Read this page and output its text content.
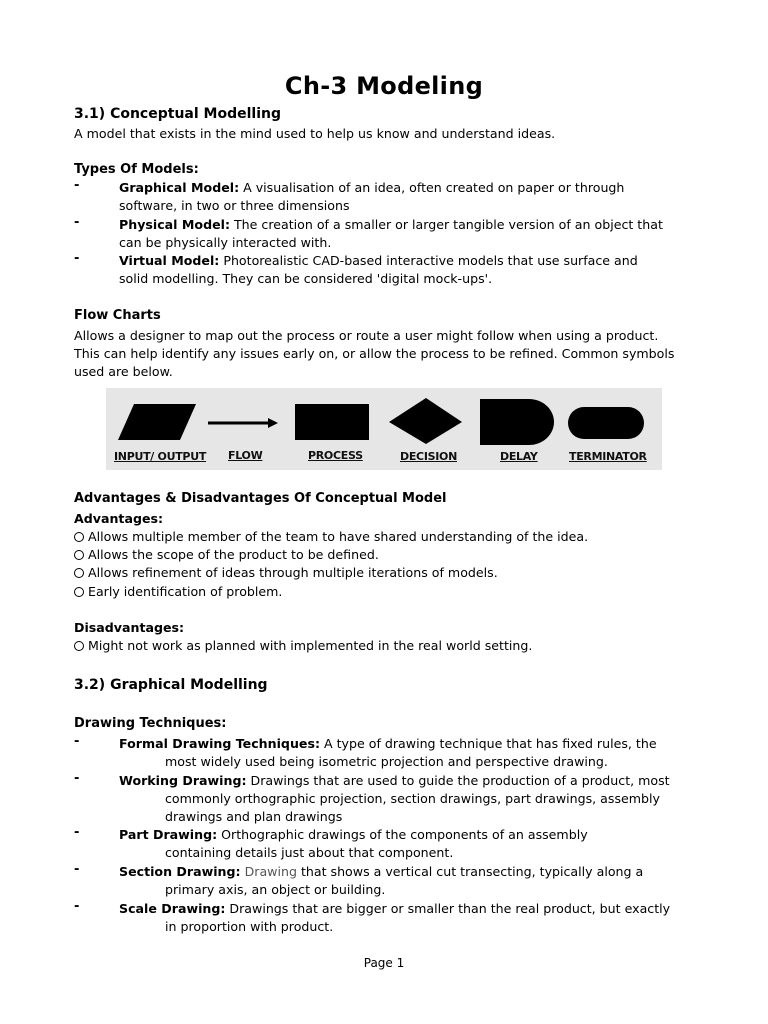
Ch-3 Modeling
3.1) Conceptual Modelling
A model that exists in the mind used to help us know and understand ideas.
Types Of Models:
-	Graphical Model: A visualisation of an idea, often created on paper or through
software, in two or three dimensions
-	Physical Model: The creation of a smaller or larger tangible version of an object that
can be physically interacted with.
-	Virtual Model: Photorealistic CAD-based interactive models that use surface and
solid modelling. They can be considered 'digital mock-ups'.
Flow Charts
Allows a designer to map out the process or route a user might follow when using a product.
This can help identify any issues early on, or allow the process to be refined. Common symbols
used are below.
INPUT/ OUTPUT FLOW	PROCESS	DECISION	DELAY	TERMINATOR
Advantages & Disadvantages Of Conceptual Model
Advantages:
Allows multiple member of the team to have shared understanding of the idea.
Allows the scope of the product to be defined.
Allows refinement of ideas through multiple iterations of models.
Early identification of problem.
Disadvantages:
Might not work as planned with implemented in the real world setting.
3.2) Graphical Modelling
Drawing Techniques:
-	Formal Drawing Techniques: A type of drawing technique that has fixed rules, the
most widely used being isometric projection and perspective drawing.
-	Working Drawing: Drawings that are used to guide the production of a product, most
commonly orthographic projection, section drawings, part drawings, assembly
drawings and plan drawings
-	Part Drawing: Orthographic drawings of the components of an assembly
containing details just about that component.
-	Section Drawing: Drawing that shows a vertical cut transecting, typically along a
primary axis, an object or building.
-	Scale Drawing: Drawings that are bigger or smaller than the real product, but exactly
in proportion with product.
Page 1
